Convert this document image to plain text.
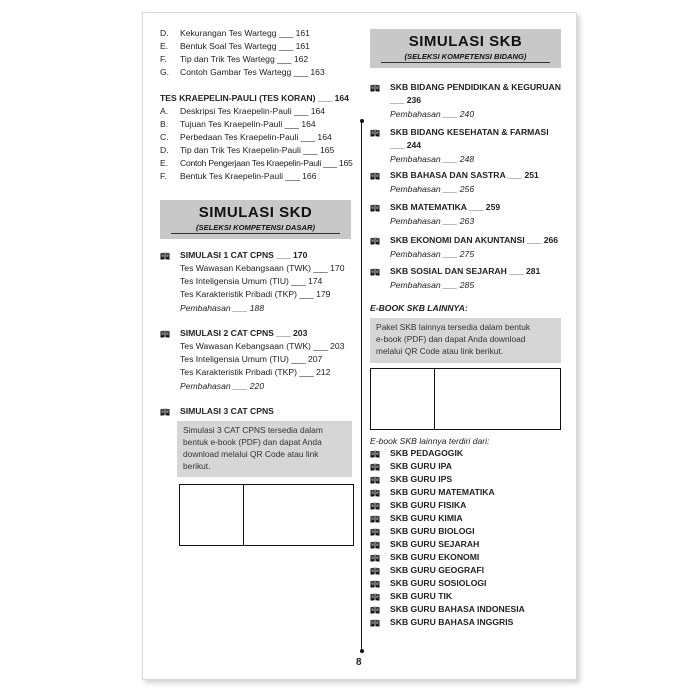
D. Kekurangan Tes Wartegg ___ 161
E. Bentuk Soal Tes Wartegg ___ 161
F. Tip dan Trik Tes Wartegg ___ 162
G. Contoh Gambar Tes Wartegg ___ 163
TES KRAEPELIN-PAULI (TES KORAN) ___ 164
A. Deskripsi Tes Kraepelin-Pauli ___ 164
B. Tujuan Tes Kraepelin-Pauli ___ 164
C. Perbedaan Tes Kraepelin-Pauli ___ 164
D. Tip dan Trik Tes Kraepelin-Pauli ___ 165
E. Contoh Pengerjaan Tes Kraepelin-Pauli ___ 165
F. Bentuk Tes Kraepelin-Pauli ___ 166
SIMULASI SKD
(SELEKSI KOMPETENSI DASAR)
SIMULASI 1 CAT CPNS ___ 170
Tes Wawasan Kebangsaan (TWK) ___ 170
Tes Inteligensia Umum (TIU) ___ 174
Tes Karakteristik Pribadi (TKP) ___ 179
Pembahasan ___ 188
SIMULASI 2 CAT CPNS ___ 203
Tes Wawasan Kebangsaan (TWK) ___ 203
Tes Inteligensia Umum (TIU) ___ 207
Tes Karakteristik Pribadi (TKP) ___ 212
Pembahasan ___ 220
SIMULASI 3 CAT CPNS
Simulasi 3 CAT CPNS tersedia dalam
bentuk e-book (PDF) dan dapat Anda
download melalui QR Code atau link
berikut.
SIMULASI SKB
(SELEKSI KOMPETENSI BIDANG)
SKB BIDANG PENDIDIKAN & KEGURUAN
___ 236
Pembahasan ___ 240
SKB BIDANG KESEHATAN & FARMASI
___ 244
Pembahasan ___ 248
SKB BAHASA DAN SASTRA ___ 251
Pembahasan ___ 256
SKB MATEMATIKA ___ 259
Pembahasan ___ 263
SKB EKONOMI DAN AKUNTANSI ___ 266
Pembahasan ___ 275
SKB SOSIAL DAN SEJARAH ___ 281
Pembahasan ___ 285
E-BOOK SKB LAINNYA:
Paket SKB lainnya tersedia dalam bentuk
e-book (PDF) dan dapat Anda download
melalui QR Code atau link berikut.
E-book SKB lainnya terdiri dari:
SKB PEDAGOGIK
SKB GURU IPA
SKB GURU IPS
SKB GURU MATEMATIKA
SKB GURU FISIKA
SKB GURU KIMIA
SKB GURU BIOLOGI
SKB GURU SEJARAH
SKB GURU EKONOMI
SKB GURU GEOGRAFI
SKB GURU SOSIOLOGI
SKB GURU TIK
SKB GURU BAHASA INDONESIA
SKB GURU BAHASA INGGRIS
8
